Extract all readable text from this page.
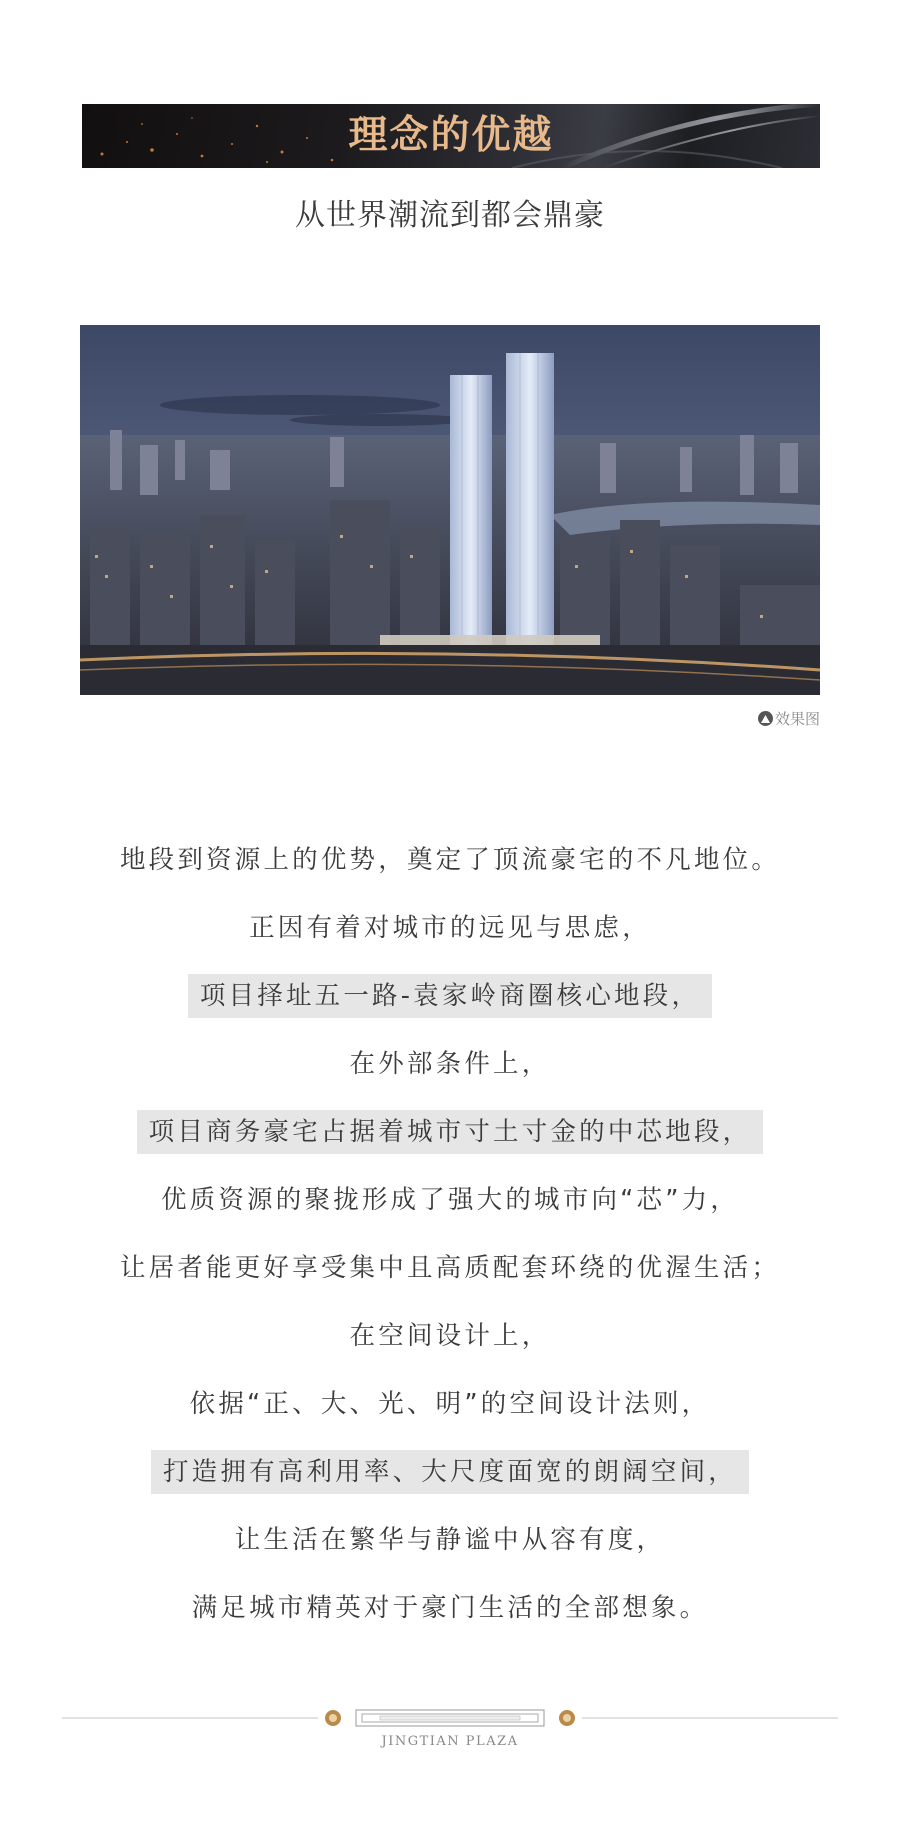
理念的优越
从世界潮流到都会鼎豪
效果图
地段到资源上的优势，奠定了顶流豪宅的不凡地位。
正因有着对城市的远见与思虑，
项目择址五一路-袁家岭商圈核心地段，
在外部条件上，
项目商务豪宅占据着城市寸土寸金的中芯地段，
优质资源的聚拢形成了强大的城市向“芯”力，
让居者能更好享受集中且高质配套环绕的优渥生活；
在空间设计上，
依据“正、大、光、明”的空间设计法则，
打造拥有高利用率、大尺度面宽的朗阔空间，
让生活在繁华与静谧中从容有度，
满足城市精英对于豪门生活的全部想象。
JINGTIAN PLAZA
